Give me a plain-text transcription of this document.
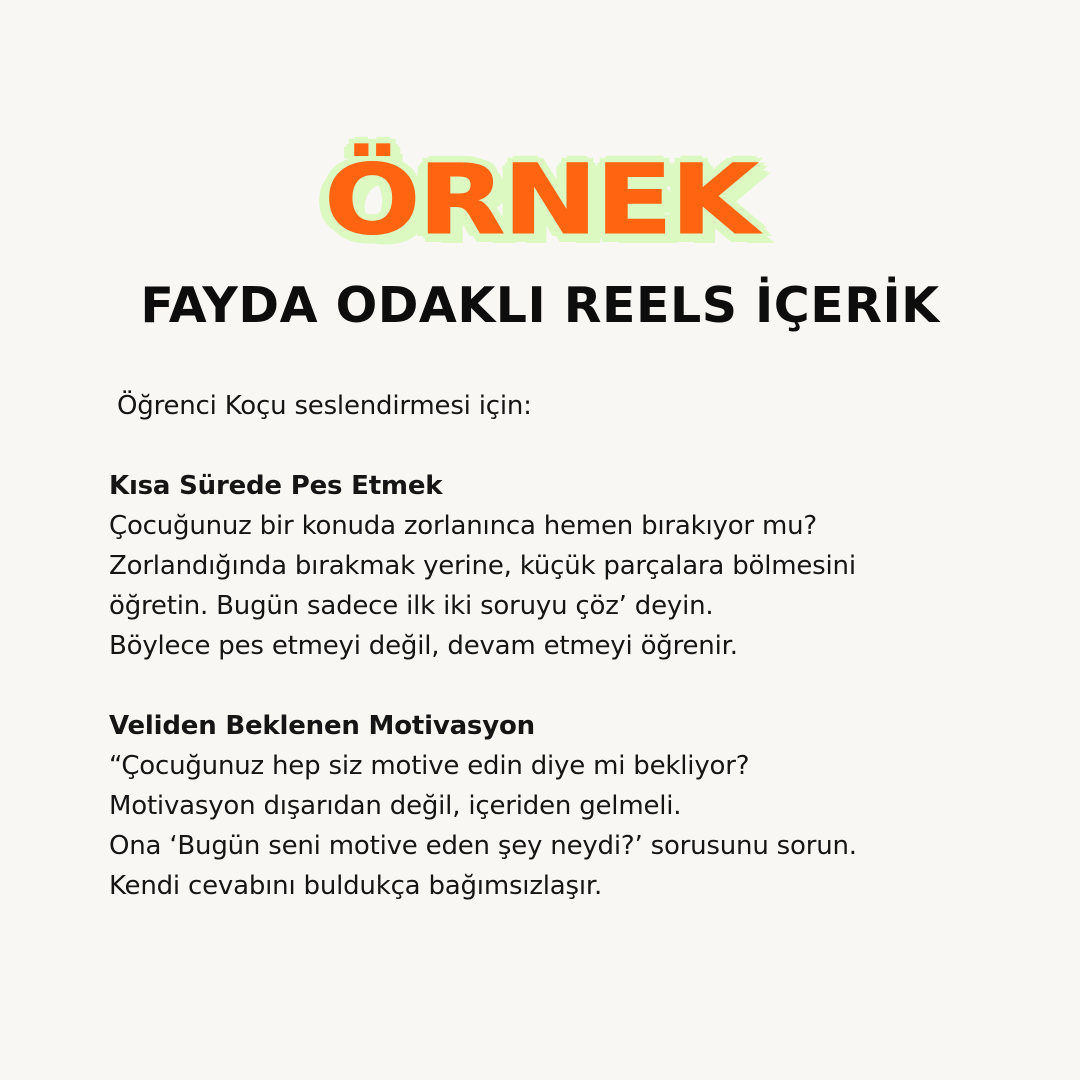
ÖRNEK
FAYDA ODAKLI REELS İÇERİK
Öğrenci Koçu seslendirmesi için:
Kısa Sürede Pes Etmek
Çocuğunuz bir konuda zorlanınca hemen bırakıyor mu?
Zorlandığında bırakmak yerine, küçük parçalara bölmesini
öğretin. Bugün sadece ilk iki soruyu çöz’ deyin.
Böylece pes etmeyi değil, devam etmeyi öğrenir.
Veliden Beklenen Motivasyon
“Çocuğunuz hep siz motive edin diye mi bekliyor?
Motivasyon dışarıdan değil, içeriden gelmeli.
Ona ‘Bugün seni motive eden şey neydi?’ sorusunu sorun.
Kendi cevabını buldukça bağımsızlaşır.
